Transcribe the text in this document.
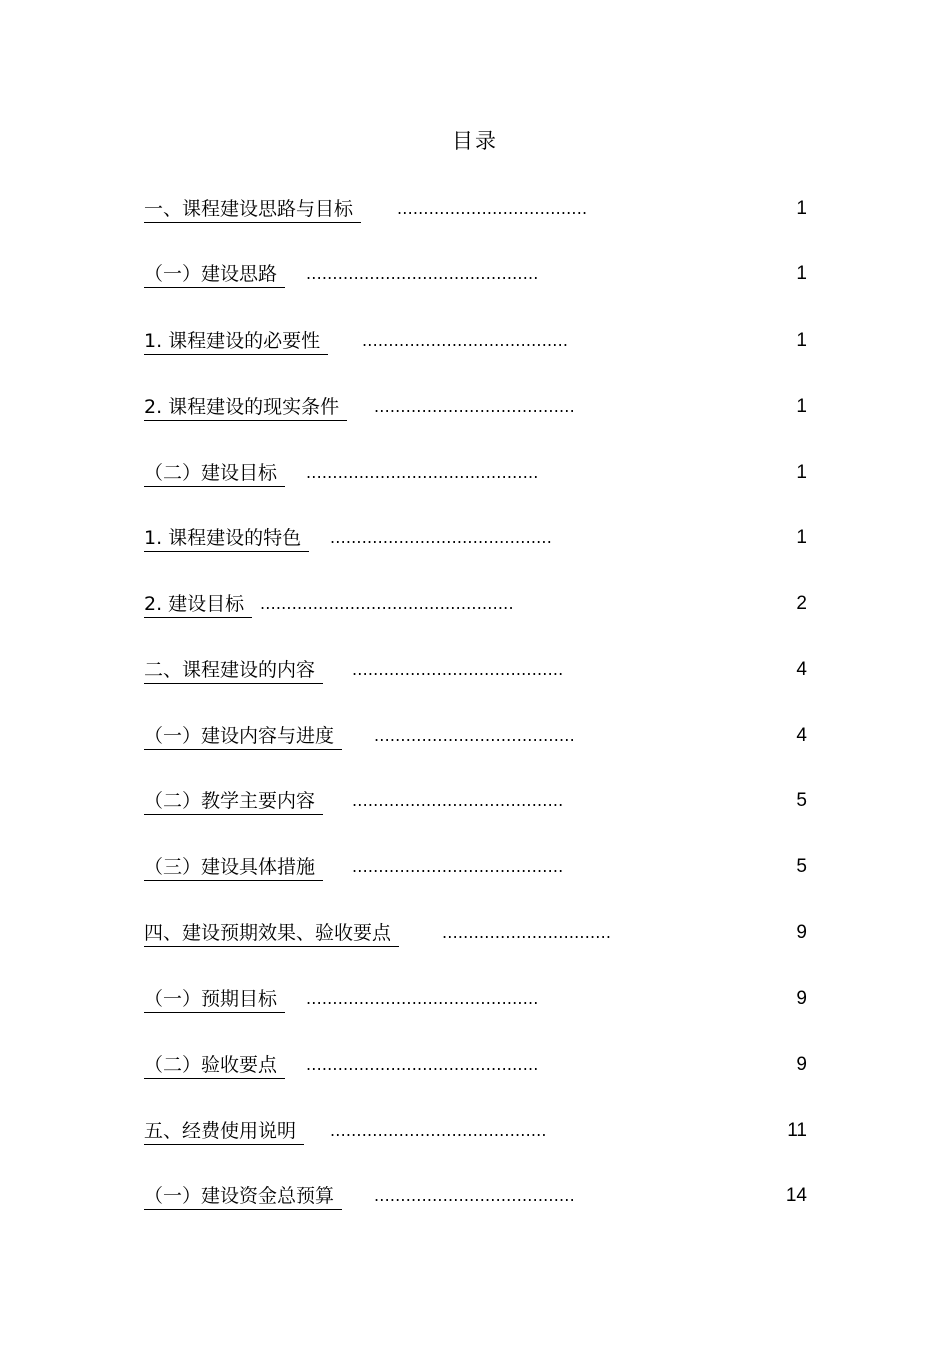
目录
一、课程建设思路与目标	....................................	1
（一）建设思路	............................................	1
1. 课程建设的必要性	.......................................	1
2. 课程建设的现实条件	......................................	1
（二）建设目标	............................................	1
1. 课程建设的特色	..........................................	1
2. 建设目标 ................................................	2
二、课程建设的内容	........................................	4
（一）建设内容与进度	......................................	4
（二）教学主要内容	........................................	5
（三）建设具体措施	........................................	5
四、建设预期效果、验收要点	................................	9
（一）预期目标	............................................	9
（二）验收要点	............................................	9
五、经费使用说明	.........................................	11
（一）建设资金总预算	......................................	14
